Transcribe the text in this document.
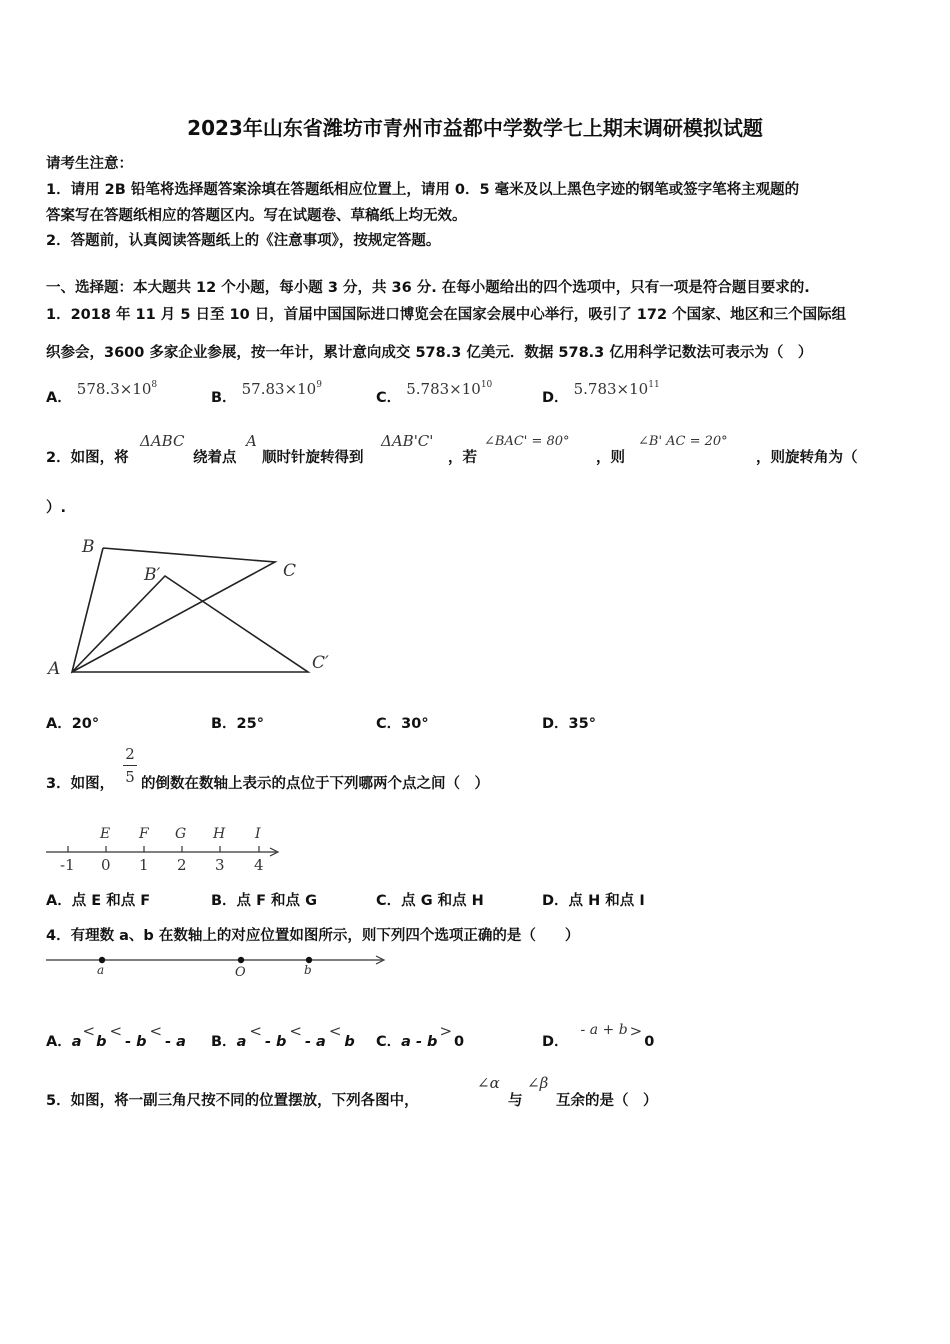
2023年山东省潍坊市青州市益都中学数学七上期末调研模拟试题
请考生注意：
1．请用 2B 铅笔将选择题答案涂填在答题纸相应位置上，请用 0．5 毫米及以上黑色字迹的钢笔或签字笔将主观题的
答案写在答题纸相应的答题区内。写在试题卷、草稿纸上均无效。
2．答题前，认真阅读答题纸上的《注意事项》，按规定答题。
一、选择题：本大题共 12 个小题，每小题 3 分，共 36 分. 在每小题给出的四个选项中，只有一项是符合题目要求的.
1．2018 年 11 月 5 日至 10 日，首届中国国际进口博览会在国家会展中心举行，吸引了 172 个国家、地区和三个国际组
织参会，3600 多家企业参展，按一年计，累计意向成交 578.3 亿美元．数据 578.3 亿用科学记数法可表示为（　）
A． $578.3\times 10^8$
B． $57.83\times 10^9$
C． $5.783\times 10^{10}$
D． $5.783\times 10^{11}$
2．如图，将
ΔABC
绕着点
A
顺时针旋转得到
ΔAB'C'
，若
∠BAC' = 80°
，则
∠B' AC = 20°
，则旋转角为（
）.
B
B′	C
A	C′
A．20°	B．25°	C．30°	D．35°
3．如图，
2
5 的倒数在数轴上表示的点位于下列哪两个点之间（　）
E F G H I
-1 0 1 2 3 4
A．点 E 和点 F	B．点 F 和点 G	C．点 G 和点 H	D．点 H 和点 I
4．有理数 a、b 在数轴上的对应位置如图所示，则下列四个选项正确的是（　　）
a	O	b
A．a<b<- b<- a B．a<- b<- a<b C．a - b>0	D．- a + b >0
5．如图，将一副三角尺按不同的位置摆放，下列各图中，
∠α
与
∠β
互余的是（　）
